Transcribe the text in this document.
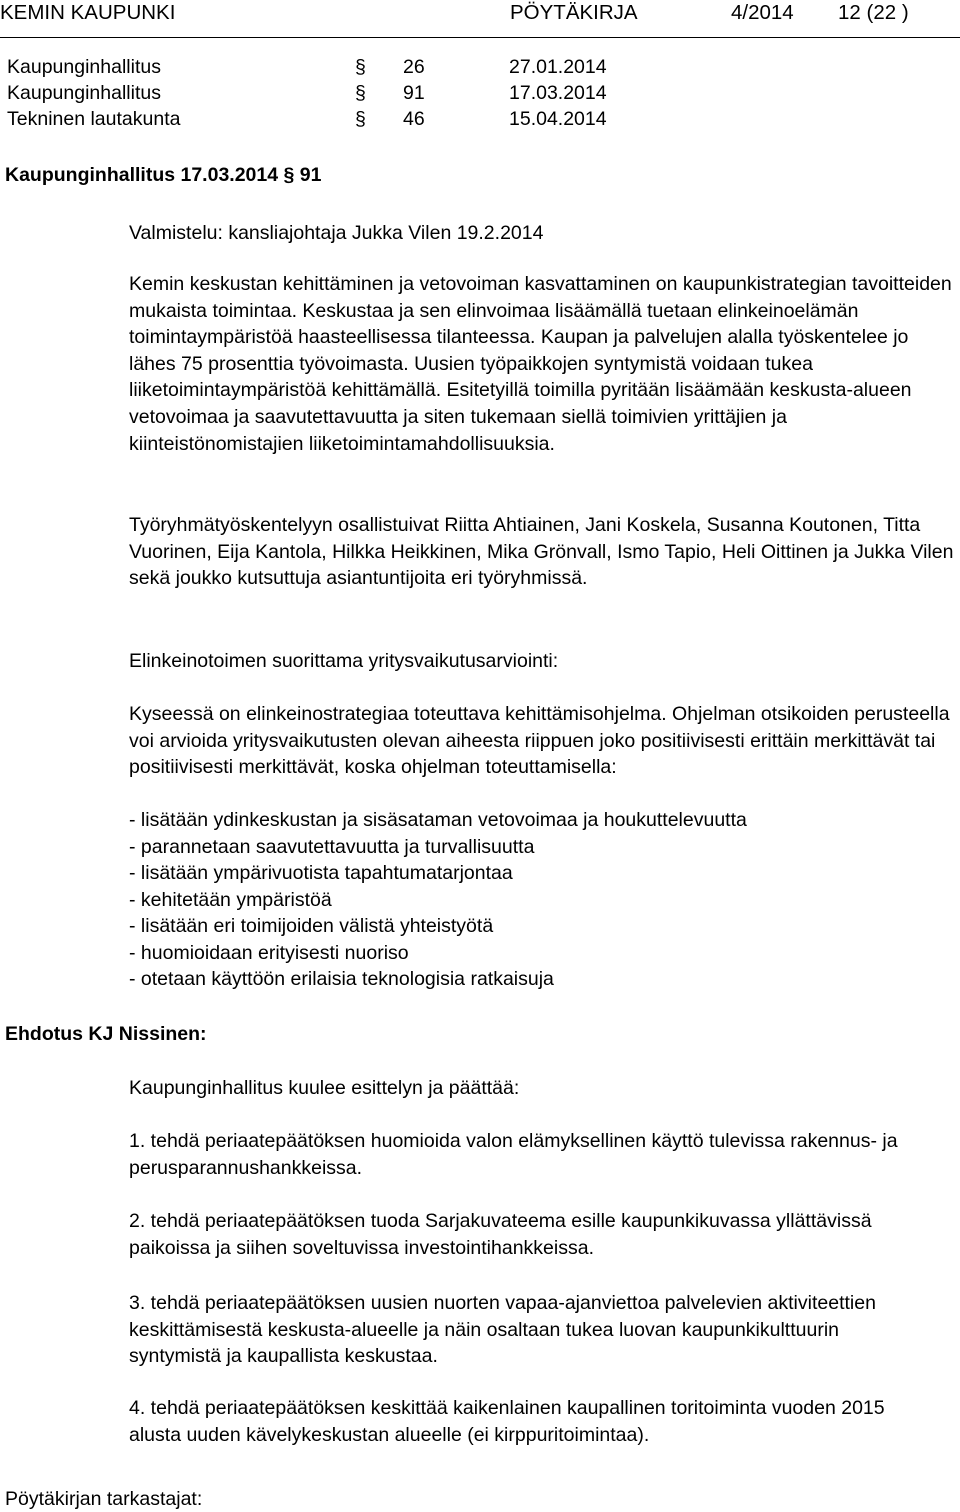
KEMIN KAUPUNKI	PÖYTÄKIRJA	4/2014 12 (22 )
Kaupunginhallitus	§ 26	27.01.2014
Kaupunginhallitus	§ 91	17.03.2014
Tekninen lautakunta	§ 46	15.04.2014
Kaupunginhallitus 17.03.2014 § 91
Valmistelu: kansliajohtaja Jukka Vilen 19.2.2014

Kemin keskustan kehittäminen ja vetovoiman kasvattaminen on kaupunkistrategian tavoitteiden mukaista toimintaa. Keskustaa ja sen elinvoimaa lisäämällä tuetaan elinkeinoelämän toimintaympäristöä haasteellisessa tilanteessa. Kaupan ja palvelujen alalla työskentelee jo lähes 75 prosenttia työvoimasta. Uusien työpaikkojen syntymistä voidaan tukea liiketoimintaympäristöä kehittämällä. Esitetyillä toimilla pyritään lisäämään keskusta-alueen vetovoimaa ja saavutettavuutta ja siten tukemaan siellä toimivien yrittäjien ja kiinteistönomistajien liiketoimintamahdollisuuksia.

Työryhmätyöskentelyyn osallistuivat Riitta Ahtiainen, Jani Koskela, Susanna Koutonen, Titta Vuorinen, Eija Kantola, Hilkka Heikkinen, Mika Grönvall, Ismo Tapio, Heli Oittinen ja Jukka Vilen sekä joukko kutsuttuja asiantuntijoita eri työryhmissä.

Elinkeinotoimen suorittama yritysvaikutusarviointi:

Kyseessä on elinkeinostrategiaa toteuttava kehittämisohjelma. Ohjelman otsikoiden perusteella voi arvioida yritysvaikutusten olevan aiheesta riippuen joko positiivisesti erittäin merkittävät tai positiivisesti merkittävät, koska ohjelman toteuttamisella:

- lisätään ydinkeskustan ja sisäsataman vetovoimaa ja houkuttelevuutta
- parannetaan saavutettavuutta ja turvallisuutta
- lisätään ympärivuotista tapahtumatarjontaa
- kehitetään ympäristöä
- lisätään eri toimijoiden välistä yhteistyötä
- huomioidaan erityisesti nuoriso
- otetaan käyttöön erilaisia teknologisia ratkaisuja
Ehdotus KJ Nissinen:
Kaupunginhallitus kuulee esittelyn ja päättää:

1. tehdä periaatepäätöksen huomioida valon elämyksellinen käyttö tulevissa rakennus- ja perusparannushankkeissa.

2. tehdä periaatepäätöksen tuoda Sarjakuvateema esille kaupunkikuvassa yllättävissä paikoissa ja siihen soveltuvissa investointihankkeissa.

3. tehdä periaatepäätöksen uusien nuorten vapaa-ajanviettoa palvelevien aktiviteettien keskittämisestä keskusta-alueelle ja näin osaltaan tukea luovan kaupunkikulttuurin syntymistä ja kaupallista keskustaa.

4. tehdä periaatepäätöksen keskittää kaikenlainen kaupallinen toritoiminta vuoden 2015 alusta uuden kävelykeskustan alueelle (ei kirppuritoimintaa).

Pöytäkirjan tarkastajat:
